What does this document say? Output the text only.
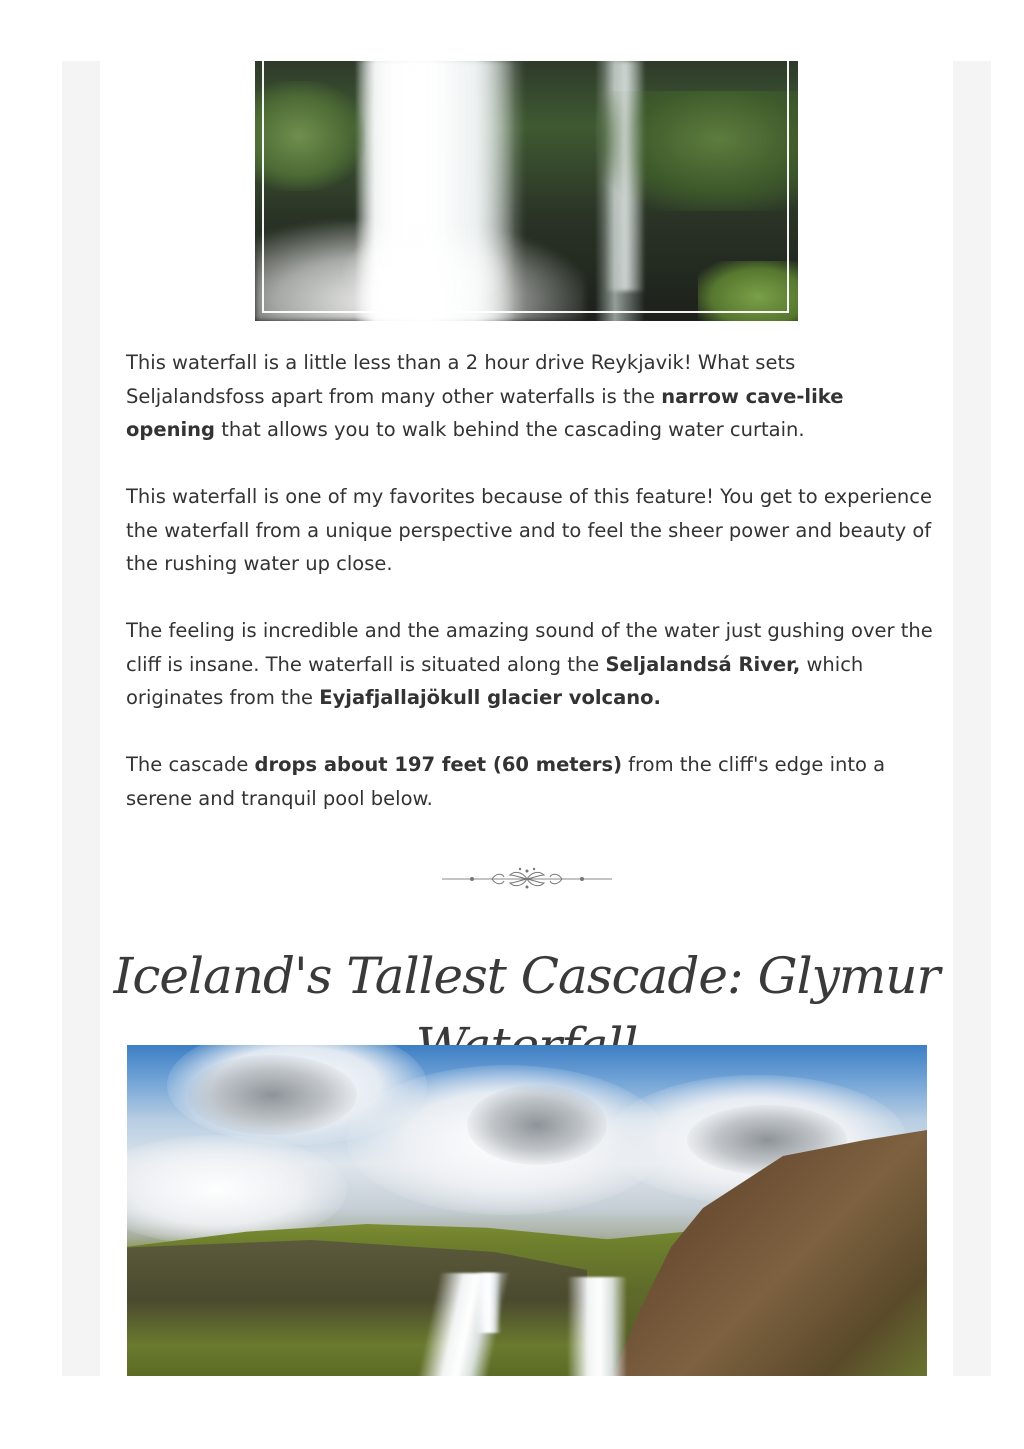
This waterfall is a little less than a 2 hour drive Reykjavik! What sets Seljalandsfoss apart from many other waterfalls is the narrow cave-like opening that allows you to walk behind the cascading water curtain.

This waterfall is one of my favorites because of this feature! You get to experience the waterfall from a unique perspective and to feel the sheer power and beauty of the rushing water up close.

The feeling is incredible and the amazing sound of the water just gushing over the cliff is insane. The waterfall is situated along the Seljalandsá River, which originates from the Eyjafjallajökull glacier volcano.

The cascade drops about 197 feet (60 meters) from the cliff's edge into a serene and tranquil pool below.

Iceland's Tallest Cascade: Glymur
